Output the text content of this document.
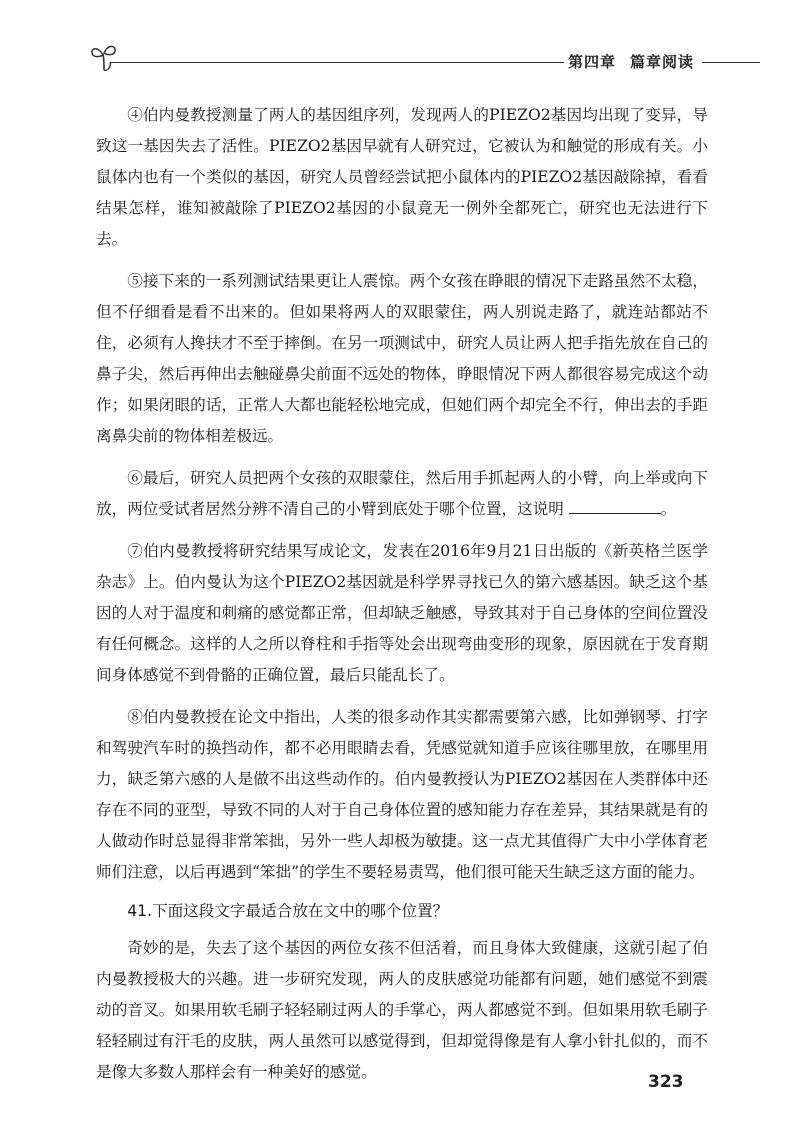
第四章 篇章阅读

④伯内曼教授测量了两人的基因组序列，发现两人的PIEZO2基因均出现了变异，导致这一基因失去了活性。PIEZO2基因早就有人研究过，它被认为和触觉的形成有关。小鼠体内也有一个类似的基因，研究人员曾经尝试把小鼠体内的PIEZO2基因敲除掉，看看结果怎样，谁知被敲除了PIEZO2基因的小鼠竟无一例外全都死亡，研究也无法进行下去。

⑤接下来的一系列测试结果更让人震惊。两个女孩在睁眼的情况下走路虽然不太稳，但不仔细看是看不出来的。但如果将两人的双眼蒙住，两人别说走路了，就连站都站不住，必须有人搀扶才不至于摔倒。在另一项测试中，研究人员让两人把手指先放在自己的鼻子尖，然后再伸出去触碰鼻尖前面不远处的物体，睁眼情况下两人都很容易完成这个动作；如果闭眼的话，正常人大都也能轻松地完成，但她们两个却完全不行，伸出去的手距离鼻尖前的物体相差极远。

⑥最后，研究人员把两个女孩的双眼蒙住，然后用手抓起两人的小臂，向上举或向下放，两位受试者居然分辨不清自己的小臂到底处于哪个位置，这说明	。

⑦伯内曼教授将研究结果写成论文，发表在2016年9月21日出版的《新英格兰医学杂志》上。伯内曼认为这个PIEZO2基因就是科学界寻找已久的第六感基因。缺乏这个基因的人对于温度和刺痛的感觉都正常，但却缺乏触感，导致其对于自己身体的空间位置没有任何概念。这样的人之所以脊柱和手指等处会出现弯曲变形的现象，原因就在于发育期间身体感觉不到骨骼的正确位置，最后只能乱长了。

⑧伯内曼教授在论文中指出，人类的很多动作其实都需要第六感，比如弹钢琴、打字和驾驶汽车时的换挡动作，都不必用眼睛去看，凭感觉就知道手应该往哪里放，在哪里用力，缺乏第六感的人是做不出这些动作的。伯内曼教授认为PIEZO2基因在人类群体中还存在不同的亚型，导致不同的人对于自己身体位置的感知能力存在差异，其结果就是有的人做动作时总显得非常笨拙，另外一些人却极为敏捷。这一点尤其值得广大中小学体育老师们注意，以后再遇到“笨拙”的学生不要轻易责骂，他们很可能天生缺乏这方面的能力。

41.下面这段文字最适合放在文中的哪个位置？

奇妙的是，失去了这个基因的两位女孩不但活着，而且身体大致健康，这就引起了伯内曼教授极大的兴趣。进一步研究发现，两人的皮肤感觉功能都有问题，她们感觉不到震动的音叉。如果用软毛刷子轻轻刷过两人的手掌心，两人都感觉不到。但如果用软毛刷子轻轻刷过有汗毛的皮肤，两人虽然可以感觉得到，但却觉得像是有人拿小针扎似的，而不是像大多数人那样会有一种美好的感觉。	323
